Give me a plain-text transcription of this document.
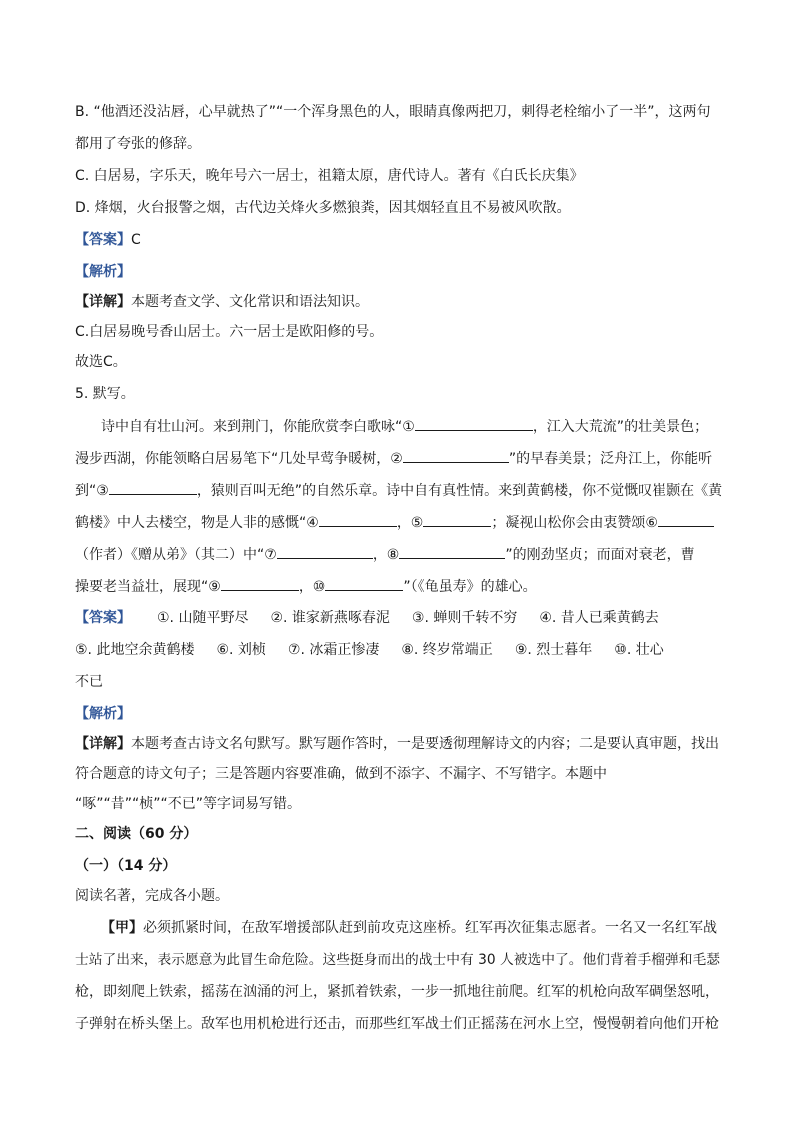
B. “他酒还没沾唇，心早就热了”“一个浑身黑色的人，眼睛真像两把刀，刺得老栓缩小了一半”，这两句
都用了夸张的修辞。
C. 白居易，字乐天，晚年号六一居士，祖籍太原，唐代诗人。著有《白氏长庆集》
D. 烽烟，火台报警之烟，古代边关烽火多燃狼粪，因其烟轻直且不易被风吹散。
【答案】C
【解析】
【详解】本题考查文学、文化常识和语法知识。
C.白居易晚号香山居士。六一居士是欧阳修的号。
故选C。
5. 默写。
诗中自有壮山河。来到荆门，你能欣赏李白歌咏“①	，江入大荒流”的壮美景色；
漫步西湖，你能领略白居易笔下“几处早莺争暖树，②	”的早春美景；泛舟江上，你能听
到“③	，猿则百叫无绝”的自然乐章。诗中自有真性情。来到黄鹤楼，你不觉慨叹崔颢在《黄
鹤楼》中人去楼空，物是人非的感慨“④	，⑤	；凝视山松你会由衷赞颂⑥
（作者）《赠从弟》（其二）中“⑦	，⑧	”的刚劲坚贞；而面对衰老，曹
操要老当益壮，展现“⑨	，⑩	”（《龟虽寿》的雄心。
【答案】 ①. 山随平野尽 ②. 谁家新燕啄春泥 ③. 蝉则千转不穷 ④. 昔人已乘黄鹤去
⑤. 此地空余黄鹤楼 ⑥. 刘桢 ⑦. 冰霜正惨凄 ⑧. 终岁常端正 ⑨. 烈士暮年 ⑩. 壮心
不已
【解析】
【详解】本题考查古诗文名句默写。默写题作答时，一是要透彻理解诗文的内容；二是要认真审题，找出
符合题意的诗文句子；三是答题内容要准确，做到不添字、不漏字、不写错字。本题中
“啄”“昔”“桢”“不已”等字词易写错。
二、阅读（60 分）
（一）（14 分）
阅读名著，完成各小题。
【甲】必须抓紧时间，在敌军增援部队赶到前攻克这座桥。红军再次征集志愿者。一名又一名红军战
士站了出来，表示愿意为此冒生命危险。这些挺身而出的战士中有 30 人被选中了。他们背着手榴弹和毛瑟
枪，即刻爬上铁索，摇荡在汹涌的河上，紧抓着铁索，一步一抓地往前爬。红军的机枪向敌军碉堡怒吼，
子弹射在桥头堡上。敌军也用机枪进行还击，而那些红军战士们正摇荡在河水上空，慢慢朝着向他们开枪
